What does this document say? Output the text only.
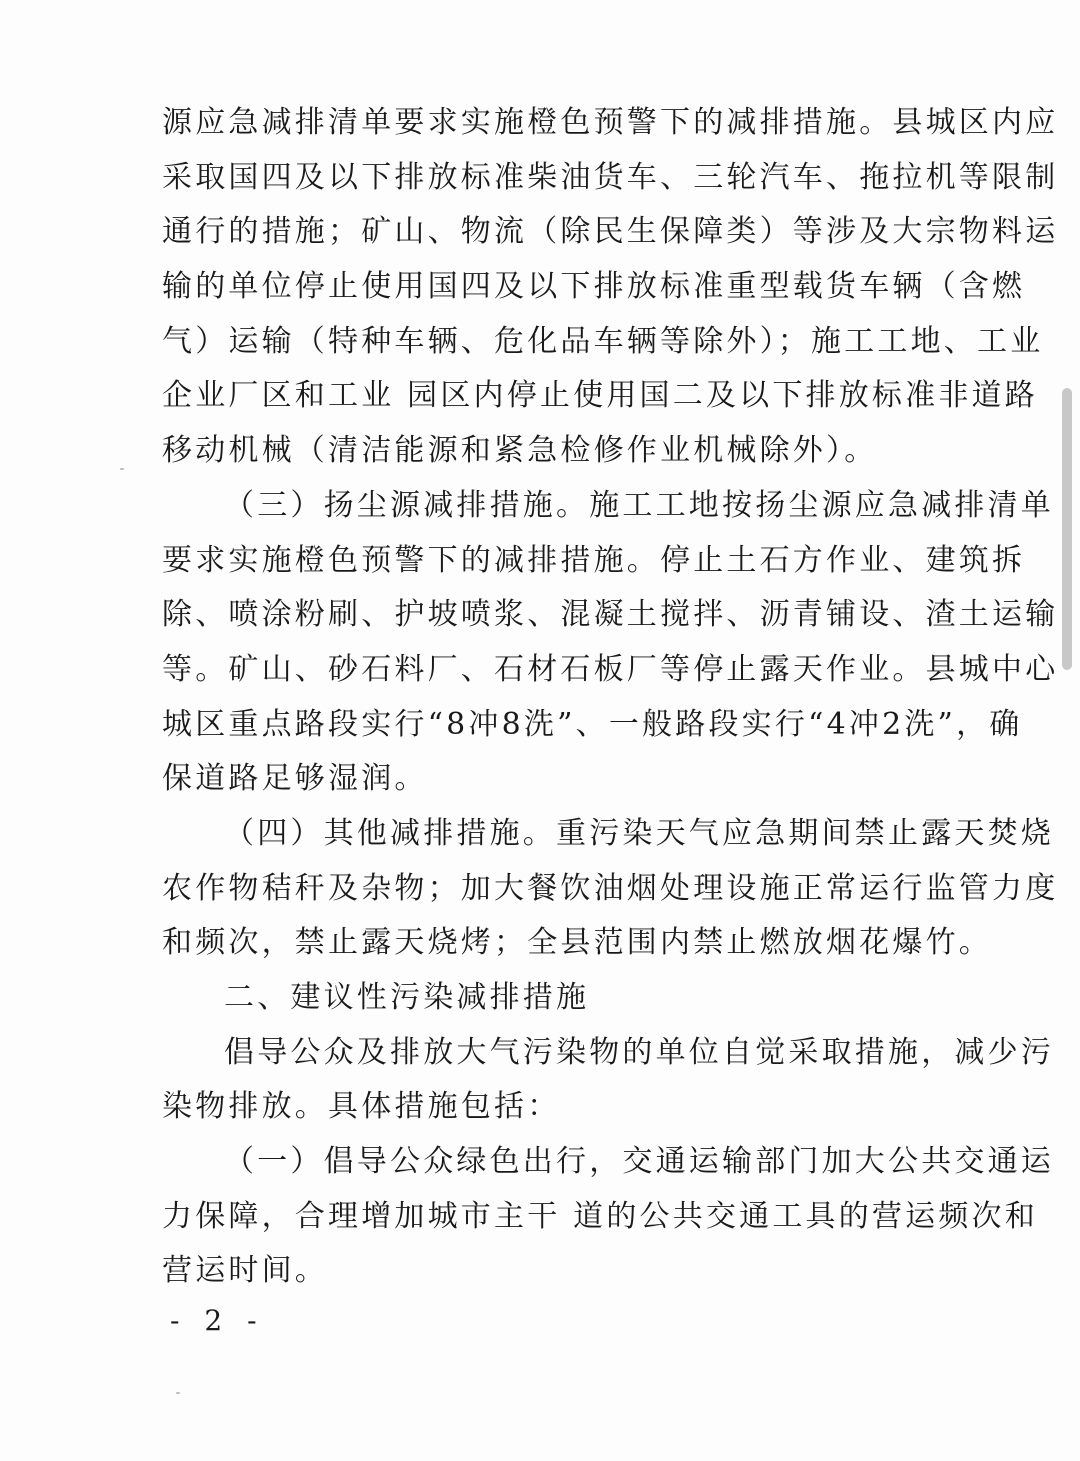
源应急减排清单要求实施橙色预警下的减排措施。县城区内应
采取国四及以下排放标准柴油货车、三轮汽车、拖拉机等限制
通行的措施；矿山、物流（除民生保障类）等涉及大宗物料运
输的单位停止使用国四及以下排放标准重型载货车辆（含燃
气）运输（特种车辆、危化品车辆等除外）；施工工地、工业
企业厂区和工业 园区内停止使用国二及以下排放标准非道路
移动机械（清洁能源和紧急检修作业机械除外）。
（三）扬尘源减排措施。施工工地按扬尘源应急减排清单
要求实施橙色预警下的减排措施。停止土石方作业、建筑拆
除、喷涂粉刷、护坡喷浆、混凝土搅拌、沥青铺设、渣土运输
等。矿山、砂石料厂、石材石板厂等停止露天作业。县城中心
城区重点路段实行“8冲8洗”、一般路段实行“4冲2洗”，确
保道路足够湿润。
（四）其他减排措施。重污染天气应急期间禁止露天焚烧
农作物秸秆及杂物；加大餐饮油烟处理设施正常运行监管力度
和频次，禁止露天烧烤；全县范围内禁止燃放烟花爆竹。
二、建议性污染减排措施
倡导公众及排放大气污染物的单位自觉采取措施，减少污
染物排放。具体措施包括：
（一）倡导公众绿色出行，交通运输部门加大公共交通运
力保障，合理增加城市主干 道的公共交通工具的营运频次和
营运时间。
- 2 -
